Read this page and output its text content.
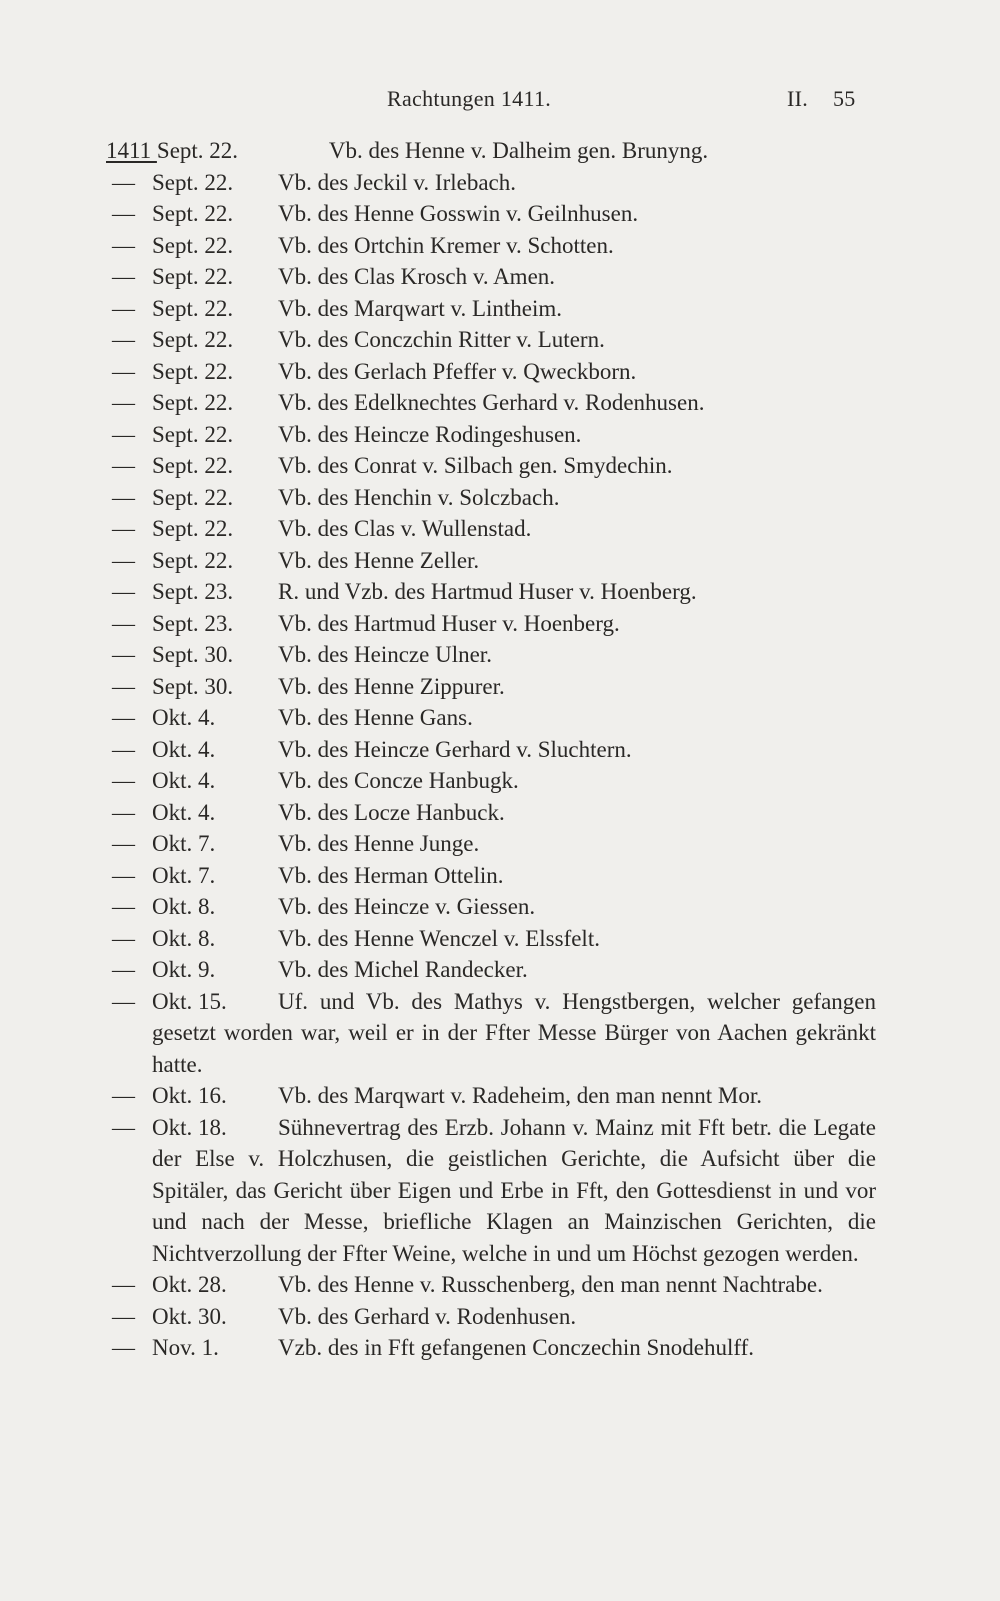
Rachtungen 1411.	II. 55
1411 Sept. 22.	Vb. des Henne v. Dalheim gen. Brunyng.
— Sept. 22. Vb. des Jeckil v. Irlebach.
— Sept. 22. Vb. des Henne Gosswin v. Geilnhusen.
— Sept. 22. Vb. des Ortchin Kremer v. Schotten.
— Sept. 22. Vb. des Clas Krosch v. Amen.
— Sept. 22. Vb. des Marqwart v. Lintheim.
— Sept. 22. Vb. des Conczchin Ritter v. Lutern.
— Sept. 22. Vb. des Gerlach Pfeffer v. Qweckborn.
— Sept. 22. Vb. des Edelknechtes Gerhard v. Rodenhusen.
— Sept. 22. Vb. des Heincze Rodingeshusen.
— Sept. 22. Vb. des Conrat v. Silbach gen. Smydechin.
— Sept. 22. Vb. des Henchin v. Solczbach.
— Sept. 22. Vb. des Clas v. Wullenstad.
— Sept. 22. Vb. des Henne Zeller.
— Sept. 23. R. und Vzb. des Hartmud Huser v. Hoenberg.
— Sept. 23. Vb. des Hartmud Huser v. Hoenberg.
— Sept. 30. Vb. des Heincze Ulner.
— Sept. 30. Vb. des Henne Zippurer.
— Okt. 4.	Vb. des Henne Gans.
— Okt. 4.	Vb. des Heincze Gerhard v. Sluchtern.
— Okt. 4.	Vb. des Concze Hanbugk.
— Okt. 4.	Vb. des Locze Hanbuck.
— Okt. 7.	Vb. des Henne Junge.
— Okt. 7.	Vb. des Herman Ottelin.
— Okt. 8.	Vb. des Heincze v. Giessen.
— Okt. 8.	Vb. des Henne Wenczel v. Elssfelt.
— Okt. 9.	Vb. des Michel Randecker.
— Okt. 15. Uf. und Vb. des Mathys v. Hengstbergen, welcher gefangen gesetzt worden war, weil er in der Ffter Messe Bürger von Aachen gekränkt hatte.
— Okt. 16. Vb. des Marqwart v. Radeheim, den man nennt Mor.
— Okt. 18. Sühnevertrag des Erzb. Johann v. Mainz mit Fft betr. die Legate der Else v. Holczhusen, die geistlichen Gerichte, die Aufsicht über die Spitäler, das Gericht über Eigen und Erbe in Fft, den Gottesdienst in und vor und nach der Messe, briefliche Klagen an Mainzischen Gerichten, die Nichtverzollung der Ffter Weine, welche in und um Höchst gezogen werden.
— Okt. 28. Vb. des Henne v. Russchenberg, den man nennt Nachtrabe.
— Okt. 30. Vb. des Gerhard v. Rodenhusen.
— Nov. 1.	Vzb. des in Fft gefangenen Conczechin Snodehulff.
